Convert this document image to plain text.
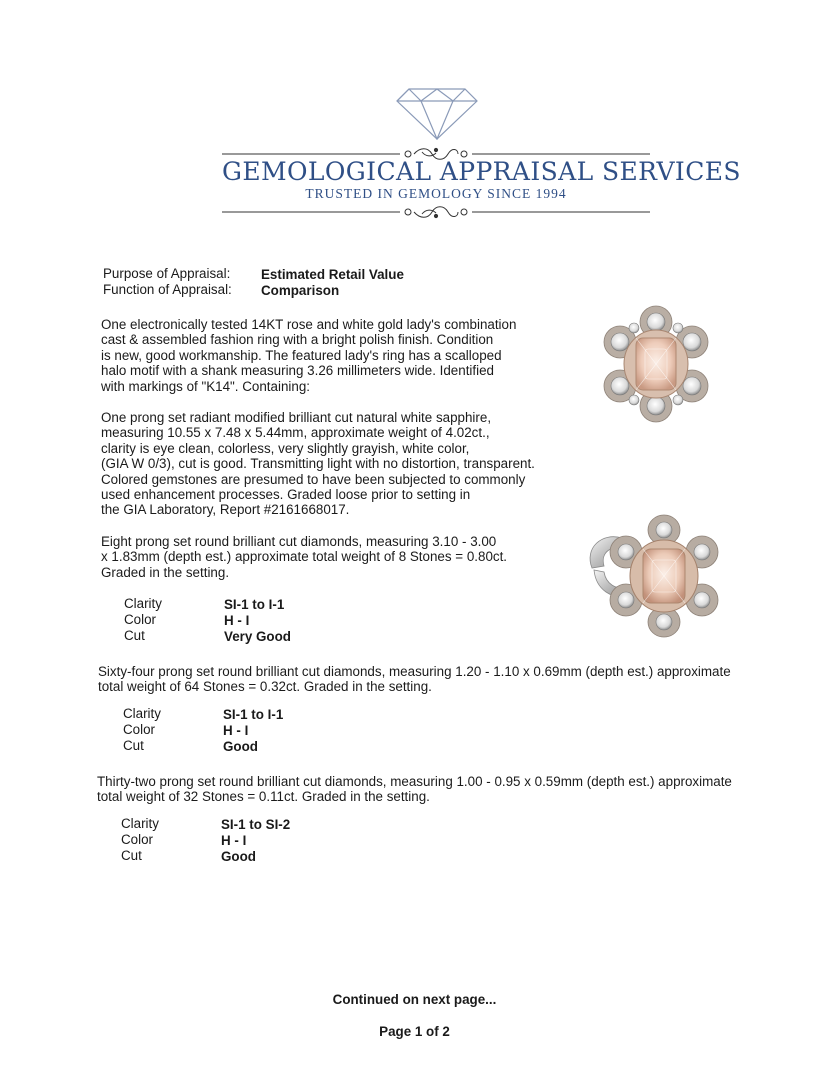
GEMOLOGICAL APPRAISAL SERVICES
TRUSTED IN GEMOLOGY SINCE 1994
Purpose of Appraisal: Estimated Retail Value
Function of Appraisal: Comparison
One electronically tested 14KT rose and white gold lady's combination
cast & assembled fashion ring with a bright polish finish. Condition
is new, good workmanship. The featured lady's ring has a scalloped
halo motif with a shank measuring 3.26 millimeters wide. Identified
with markings of "K14". Containing:
One prong set radiant modified brilliant cut natural white sapphire,
measuring 10.55 x 7.48 x 5.44mm, approximate weight of 4.02ct.,
clarity is eye clean, colorless, very slightly grayish, white color,
(GIA W 0/3), cut is good. Transmitting light with no distortion, transparent.
Colored gemstones are presumed to have been subjected to commonly
used enhancement processes. Graded loose prior to setting in
the GIA Laboratory, Report #2161668017.
Eight prong set round brilliant cut diamonds, measuring 3.10 - 3.00
x 1.83mm (depth est.) approximate total weight of 8 Stones = 0.80ct.
Graded in the setting.
Clarity	SI-1 to I-1
Color	H - I
Cut	Very Good
Sixty-four prong set round brilliant cut diamonds, measuring 1.20 - 1.10 x 0.69mm (depth est.) approximate
total weight of 64 Stones = 0.32ct. Graded in the setting.
Clarity	SI-1 to I-1
Color	H - I
Cut	Good
Thirty-two prong set round brilliant cut diamonds, measuring 1.00 - 0.95 x 0.59mm (depth est.) approximate
total weight of 32 Stones = 0.11ct. Graded in the setting.
Clarity	SI-1 to SI-2
Color	H - I
Cut	Good
Continued on next page...
Page 1 of 2
